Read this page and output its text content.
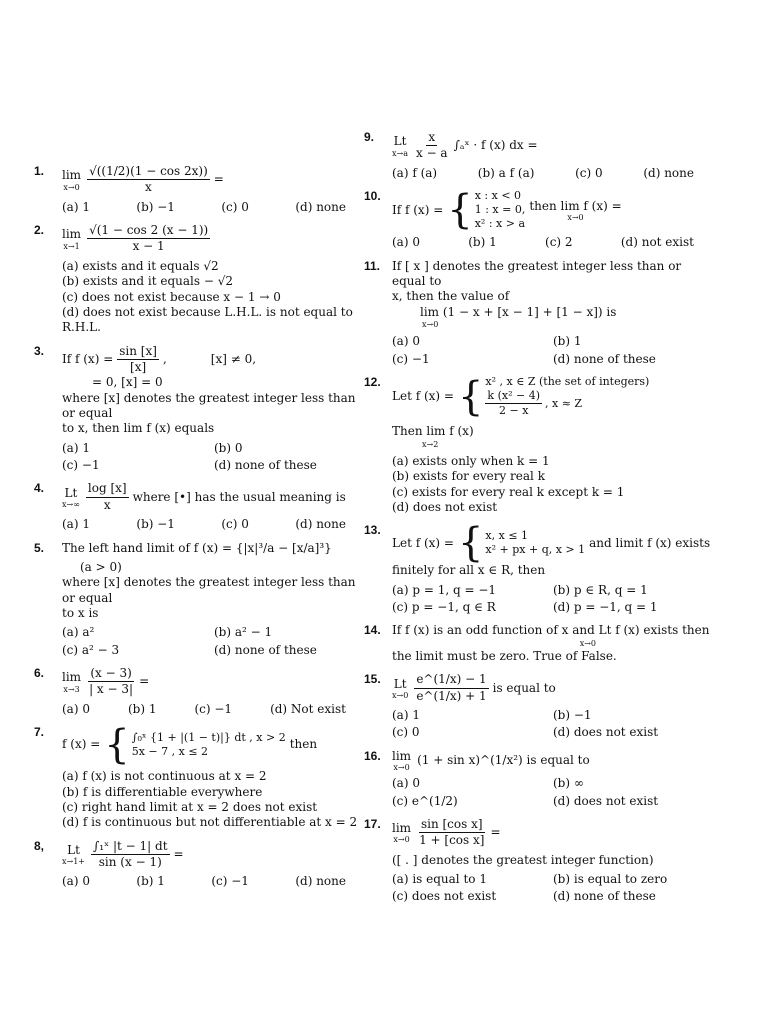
1. lim
$x\to 0 \frac{√((1/2)(1 - \cos 2x))}{x}$ =
(a) 1	(b) −1	(c) 0	(d) none
2. lim
$x\to 1 \frac{√(1 - \cos 2 (x - 1))}{x - 1}$
(a) exists and it equals √2
(b) exists and it equals − √2
(c) does not exist because x − 1 → 0
(d) does not exist because L.H.L. is not equal to R.H.L.
3.
If f $(x) = \frac{\sin [x]}{[x]}$ ,	[x] ≠ 0,
= 0, [x] = 0
where [x] denotes the greatest integer less than or equal
to x, then lim f (x) equals
(a) 1	(b) 0
(c) −1	(d) none of these
4. Lt
$x\to\infty \frac{\log [x]}{x}$ where [•] has the usual meaning is
(a) 1	(b) −1	(c) 0	(d) none
5. The left hand limit of f (x) = {|x|³/a − [x/a]³}
(a > 0)
where [x] denotes the greatest integer less than or equal
to x is
(a) a²	(b) a² − 1
(c) a² − 3	(d) none of these
6. lim
$x\to 3 \frac{(x - 3)}{| x - 3|}$ =
(a) 0	(b) 1	(c) −1	(d) Not exist
7.
f (x) = { ∫₀ˣ {1 + |(1 − t)|} dt , x > 2
5x − 7 , x ≤ 2
then
(a) f (x) is not continuous at x = 2
(b) f is differentiable everywhere
(c) right hand limit at x = 2 does not exist
(d) f is continuous but not differentiable at x = 2
8, Lt
$x\to 1+ \frac{\text{∫₁ˣ |t − 1| dt}}{\sin (x - 1)}$ =
(a) 0	(b) 1	(c) −1	(d) none
9. Lt
$x\to a \frac{x}{x - a}$ ∫ₐˣ · f (x) dx =
(a) f (a)	(b) a f (a)	(c) 0	(d) none
10.
If f (x) = { x : x < 0
1 : x = 0,
x² : x > a
then lim f (x) =
x→0
(a) 0	(b) 1	(c) 2	(d) not exist
11. If [ x ] denotes the greatest integer less than or equal to
x, then the value of
lim (1 − x + [x − 1] + [1 − x]) is
x→0
(a) 0	(b) 1
(c) −1	(d) none of these
12.
Let f (x) = { x² , x ∈ Z (the set of integers)
$\frac{\text{k (x² − 4)}}{2 - x}$ , x ≈ Z
Then lim f (x)
x→2
(a) exists only when k = 1
(b) exists for every real k
(c) exists for every real k except k = 1
(d) does not exist
13.
Let f (x) = { x, x ≤ 1
x² + px + q, x > 1
and limit f (x) exists
finitely for all x ∈ R, then
(a) p = 1, q = −1	(b) p ∈ R, q = 1
(c) p = −1, q ∈ R	(d) p = −1, q = 1
14. If f (x) is an odd function of x and Lt f (x) exists then
x→0
the limit must be zero. True of False.
15. Lt
$x\to 0 \frac{e\^{}(1/x) - 1}{e\^{}(1/x) + 1}$ is equal to
(a) 1	(b) −1
(c) 0	(d) does not exist
16. lim
x→0
(1 + sin x)^(1/x²) is equal to
(a) 0	(b) ∞
(c) e^(1/2)	(d) does not exist
17. lim
$x\to 0 \frac{\text{sin [cos x]}}{\text{1 + [cos x]}}$ =
([ . ] denotes the greatest integer function)
(a) is equal to 1	(b) is equal to zero
(c) does not exist	(d) none of these
